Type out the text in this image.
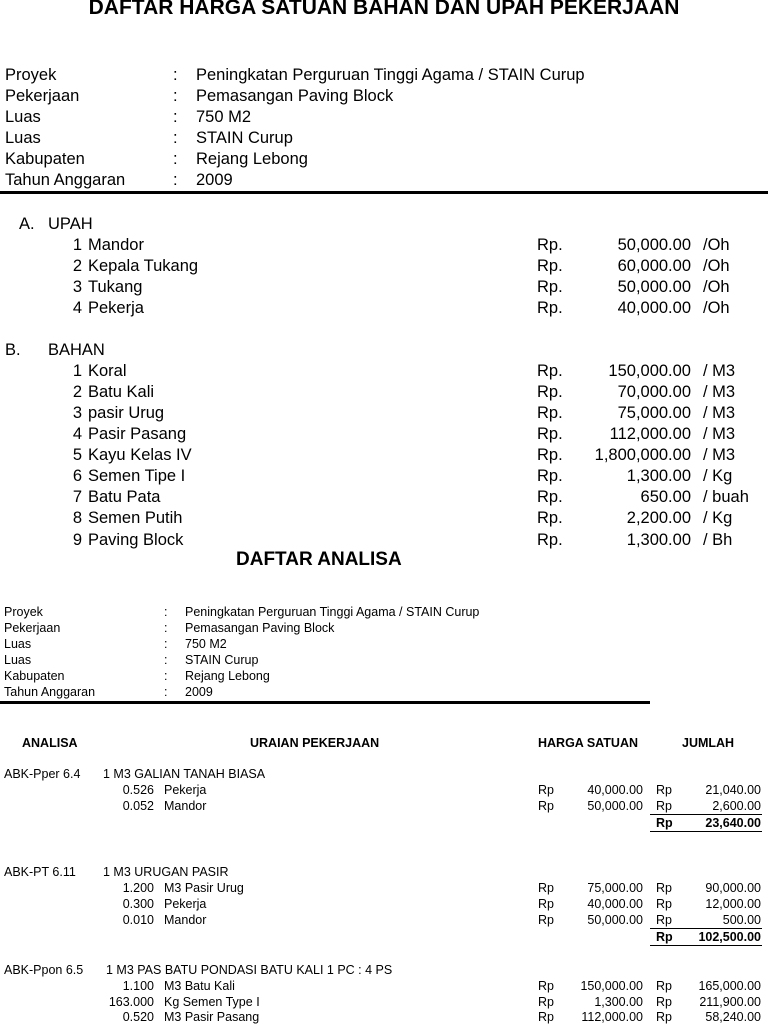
DAFTAR HARGA SATUAN BAHAN DAN UPAH PEKERJAAN
Proyek	: Peningkatan Perguruan Tinggi Agama / STAIN Curup
Pekerjaan	: Pemasangan Paving Block
Luas	: 750 M2
Luas	: STAIN Curup
Kabupaten	: Rejang Lebong
Tahun Anggaran	: 2009
A. UPAH
1 Mandor	Rp.	50,000.00 /Oh
2 Kepala Tukang	Rp.	60,000.00 /Oh
3 Tukang	Rp.	50,000.00 /Oh
4 Pekerja	Rp.	40,000.00 /Oh
B. BAHAN
1 Koral	Rp.	150,000.00 / M3
2 Batu Kali	Rp.	70,000.00 / M3
3 pasir Urug	Rp.	75,000.00 / M3
4 Pasir Pasang	Rp.	112,000.00 / M3
5 Kayu Kelas IV	Rp.	1,800,000.00 / M3
6 Semen Tipe I	Rp.	1,300.00 / Kg
7 Batu Pata	Rp.	650.00 / buah
8 Semen Putih	Rp.	2,200.00 / Kg
9 Paving Block	Rp.	1,300.00 / Bh
DAFTAR ANALISA
Proyek	: Peningkatan Perguruan Tinggi Agama / STAIN Curup
Pekerjaan	: Pemasangan Paving Block
Luas	: 750 M2
Luas	: STAIN Curup
Kabupaten	: Rejang Lebong
Tahun Anggaran	: 2009
ANALISA	URAIAN PEKERJAAN	HARGA SATUAN	JUMLAH
ABK-Pper 6.4 1 M3 GALIAN TANAH BIASA
0.526 Pekerja	Rp	40,000.00 Rp	21,040.00
0.052 Mandor	Rp	50,000.00 Rp	2,600.00
Rp	23,640.00
ABK-PT 6.11 1 M3 URUGAN PASIR
1.200 M3 Pasir Urug	Rp	75,000.00 Rp	90,000.00
0.300 Pekerja	Rp	40,000.00 Rp	12,000.00
0.010 Mandor	Rp	50,000.00 Rp	500.00
Rp	102,500.00
ABK-Ppon 6.5 1 M3 PAS BATU PONDASI BATU KALI 1 PC : 4 PS
1.100 M3 Batu Kali	Rp	150,000.00 Rp	165,000.00
163.000 Kg Semen Type I	Rp	1,300.00 Rp	211,900.00
0.520 M3 Pasir Pasang	Rp	112,000.00 Rp	58,240.00
